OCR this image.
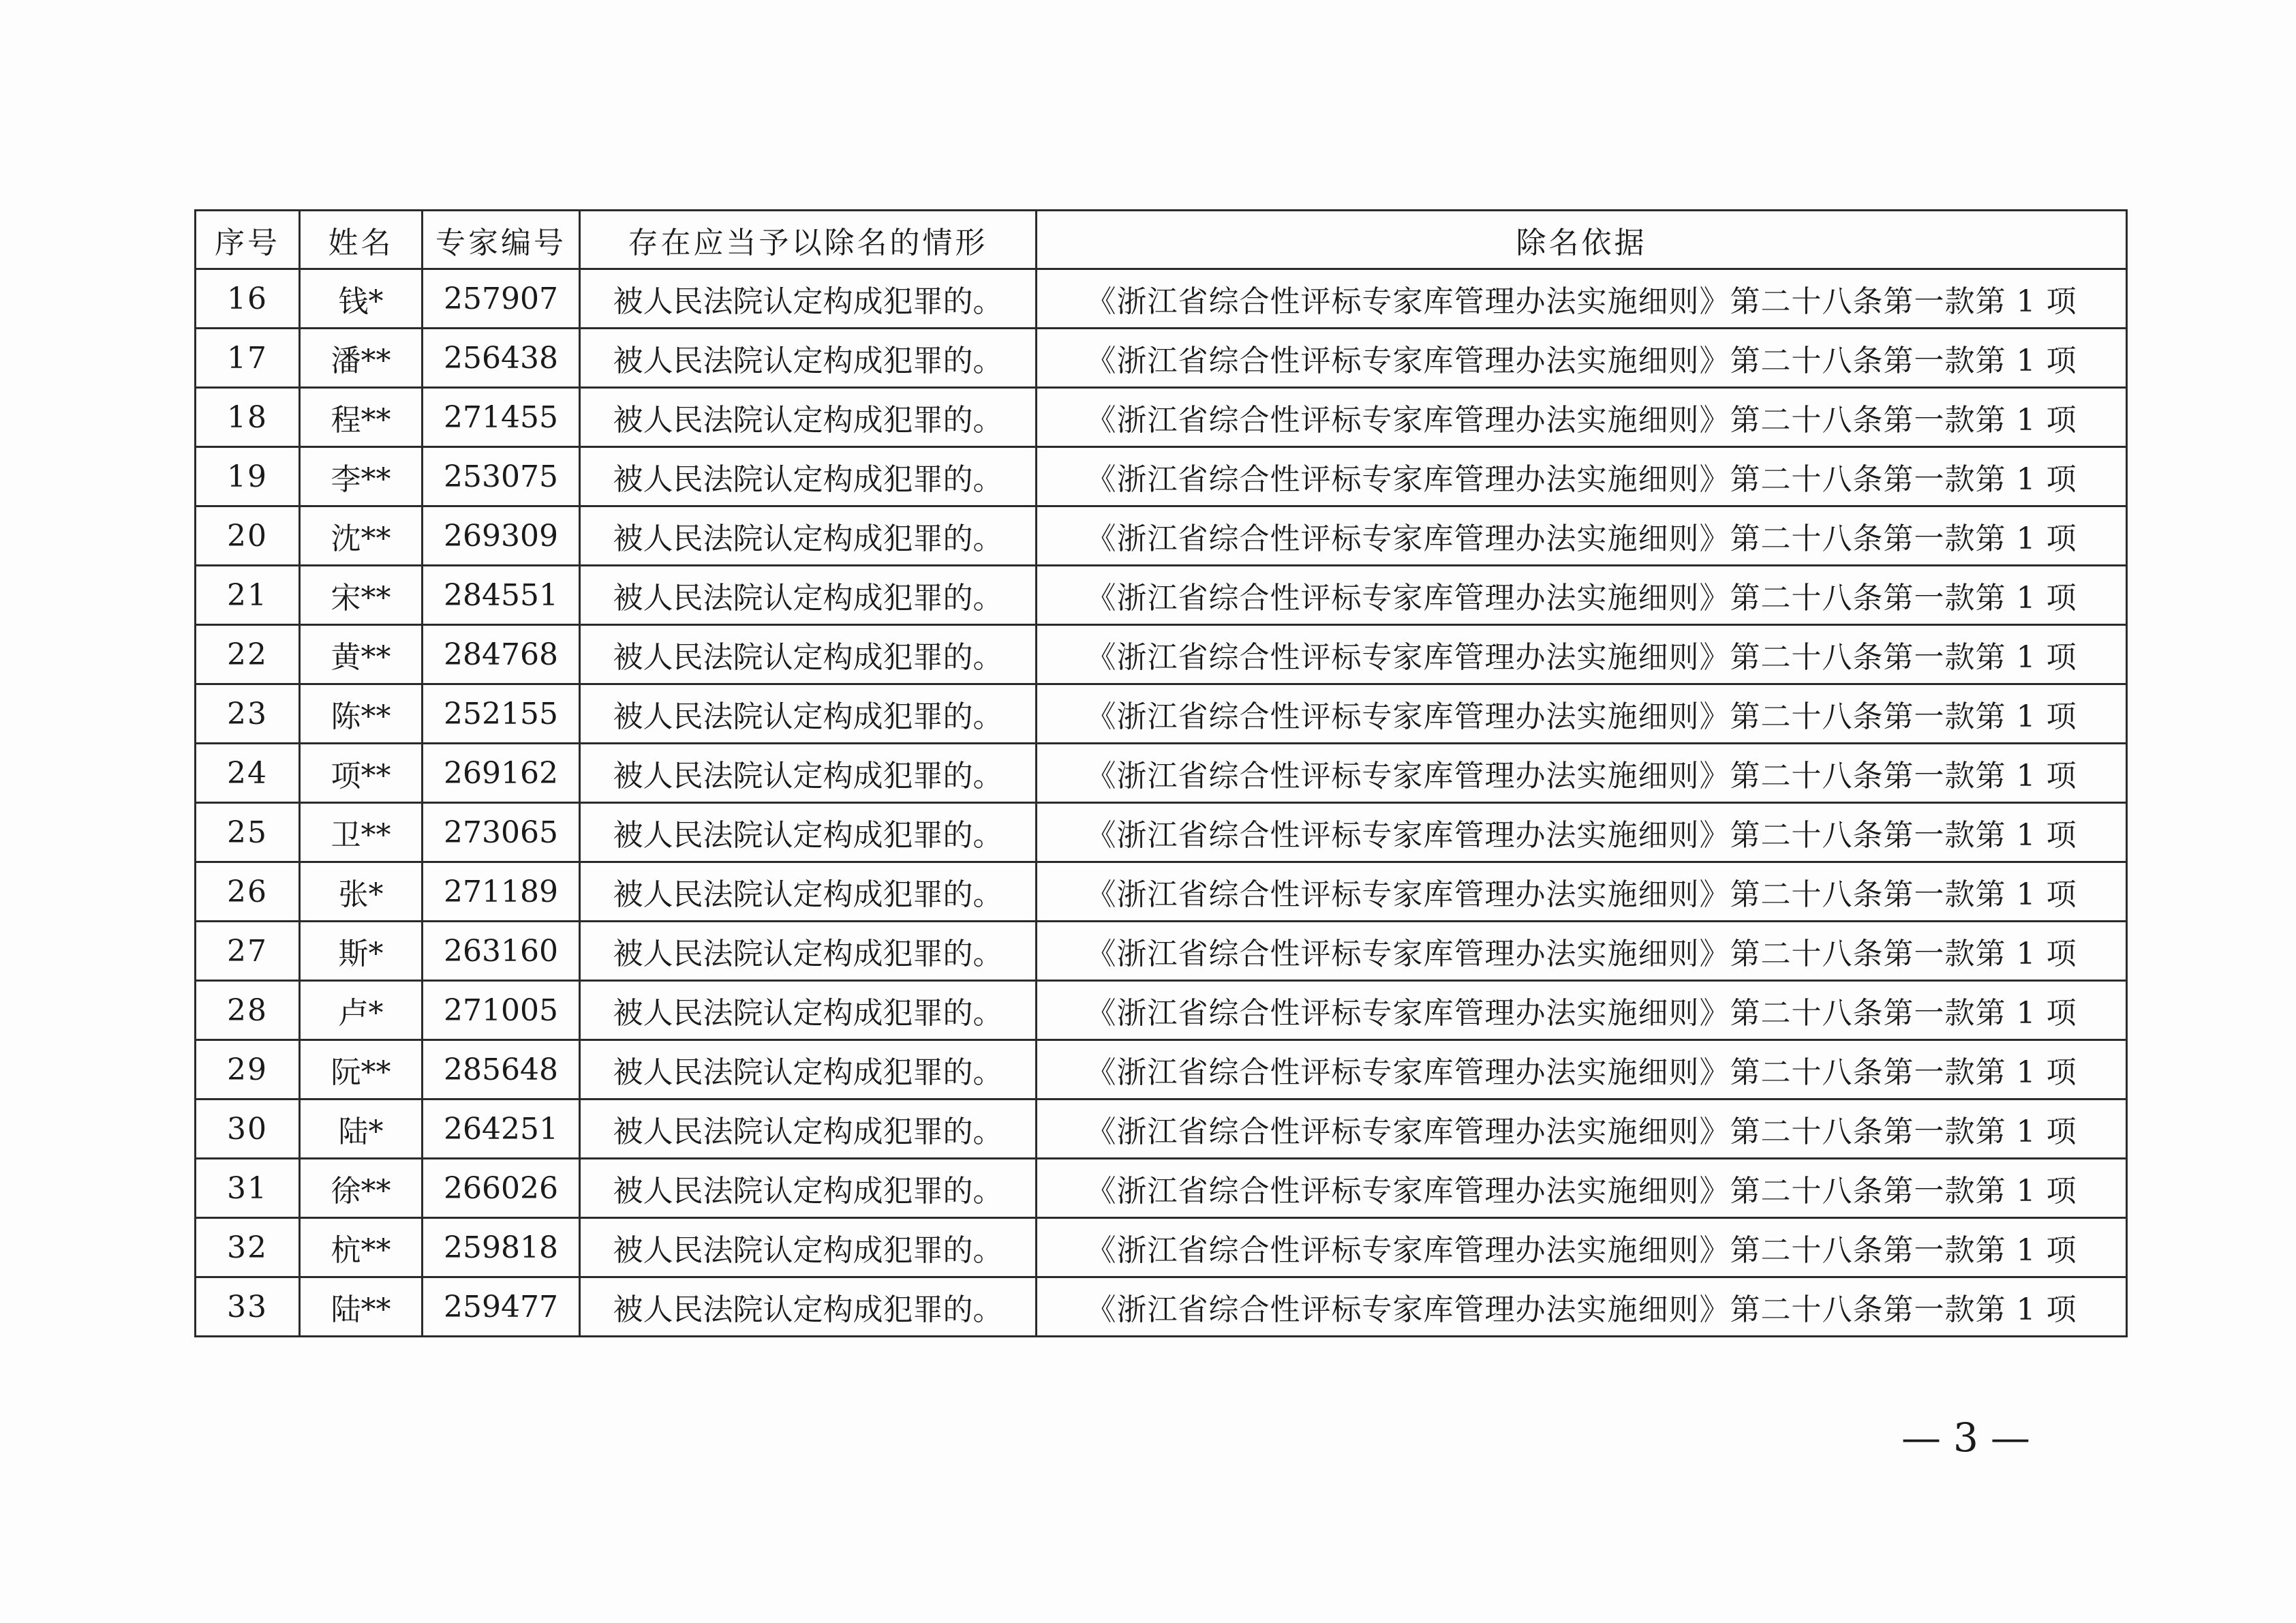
序号	姓名	专家编号	存在应当予以除名的情形	除名依据
16	钱*	257907	被人民法院认定构成犯罪的。	《浙江省综合性评标专家库管理办法实施细则》第二十八条第一款第 1 项
17	潘**	256438	被人民法院认定构成犯罪的。	《浙江省综合性评标专家库管理办法实施细则》第二十八条第一款第 1 项
18	程**	271455	被人民法院认定构成犯罪的。	《浙江省综合性评标专家库管理办法实施细则》第二十八条第一款第 1 项
19	李**	253075	被人民法院认定构成犯罪的。	《浙江省综合性评标专家库管理办法实施细则》第二十八条第一款第 1 项
20	沈**	269309	被人民法院认定构成犯罪的。	《浙江省综合性评标专家库管理办法实施细则》第二十八条第一款第 1 项
21	宋**	284551	被人民法院认定构成犯罪的。	《浙江省综合性评标专家库管理办法实施细则》第二十八条第一款第 1 项
22	黄**	284768	被人民法院认定构成犯罪的。	《浙江省综合性评标专家库管理办法实施细则》第二十八条第一款第 1 项
23	陈**	252155	被人民法院认定构成犯罪的。	《浙江省综合性评标专家库管理办法实施细则》第二十八条第一款第 1 项
24	项**	269162	被人民法院认定构成犯罪的。	《浙江省综合性评标专家库管理办法实施细则》第二十八条第一款第 1 项
25	卫**	273065	被人民法院认定构成犯罪的。	《浙江省综合性评标专家库管理办法实施细则》第二十八条第一款第 1 项
26	张*	271189	被人民法院认定构成犯罪的。	《浙江省综合性评标专家库管理办法实施细则》第二十八条第一款第 1 项
27	斯*	263160	被人民法院认定构成犯罪的。	《浙江省综合性评标专家库管理办法实施细则》第二十八条第一款第 1 项
28	卢*	271005	被人民法院认定构成犯罪的。	《浙江省综合性评标专家库管理办法实施细则》第二十八条第一款第 1 项
29	阮**	285648	被人民法院认定构成犯罪的。	《浙江省综合性评标专家库管理办法实施细则》第二十八条第一款第 1 项
30	陆*	264251	被人民法院认定构成犯罪的。	《浙江省综合性评标专家库管理办法实施细则》第二十八条第一款第 1 项
31	徐**	266026	被人民法院认定构成犯罪的。	《浙江省综合性评标专家库管理办法实施细则》第二十八条第一款第 1 项
32	杭**	259818	被人民法院认定构成犯罪的。	《浙江省综合性评标专家库管理办法实施细则》第二十八条第一款第 1 项
33	陆**	259477	被人民法院认定构成犯罪的。	《浙江省综合性评标专家库管理办法实施细则》第二十八条第一款第 1 项
—3—
